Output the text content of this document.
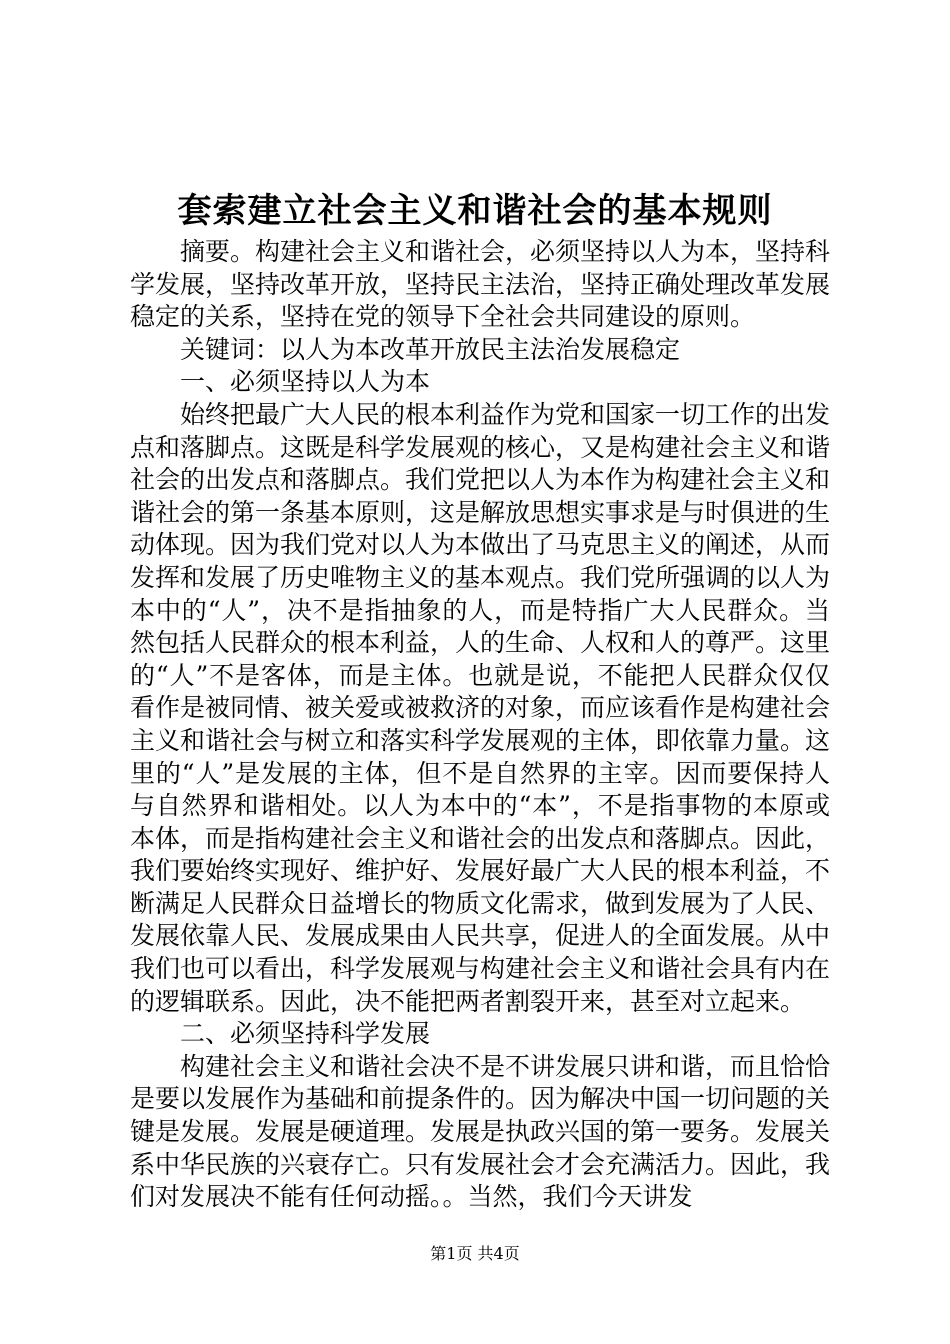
套索建立社会主义和谐社会的基本规则

摘要。构建社会主义和谐社会，必须坚持以人为本，坚持科学发展，坚持改革开放，坚持民主法治，坚持正确处理改革发展稳定的关系，坚持在党的领导下全社会共同建设的原则。

关键词：以人为本改革开放民主法治发展稳定

一、必须坚持以人为本

始终把最广大人民的根本利益作为党和国家一切工作的出发点和落脚点。这既是科学发展观的核心，又是构建社会主义和谐社会的出发点和落脚点。我们党把以人为本作为构建社会主义和谐社会的第一条基本原则，这是解放思想实事求是与时俱进的生动体现。因为我们党对以人为本做出了马克思主义的阐述，从而发挥和发展了历史唯物主义的基本观点。我们党所强调的以人为本中的“人”，决不是指抽象的人，而是特指广大人民群众。当然包括人民群众的根本利益，人的生命、人权和人的尊严。这里的“人”不是客体，而是主体。也就是说，不能把人民群众仅仅看作是被同情、被关爱或被救济的对象，而应该看作是构建社会主义和谐社会与树立和落实科学发展观的主体，即依靠力量。这里的“人”是发展的主体，但不是自然界的主宰。因而要保持人与自然界和谐相处。以人为本中的“本”，不是指事物的本原或本体，而是指构建社会主义和谐社会的出发点和落脚点。因此，我们要始终实现好、维护好、发展好最广大人民的根本利益，不断满足人民群众日益增长的物质文化需求，做到发展为了人民、发展依靠人民、发展成果由人民共享，促进人的全面发展。从中我们也可以看出，科学发展观与构建社会主义和谐社会具有内在的逻辑联系。因此，决不能把两者割裂开来，甚至对立起来。

二、必须坚持科学发展

构建社会主义和谐社会决不是不讲发展只讲和谐，而且恰恰是要以发展作为基础和前提条件的。因为解决中国一切问题的关键是发展。发展是硬道理。发展是执政兴国的第一要务。发展关系中华民族的兴衰存亡。只有发展社会才会充满活力。因此，我们对发展决不能有任何动摇。。当然，我们今天讲发

第1页 共4页
